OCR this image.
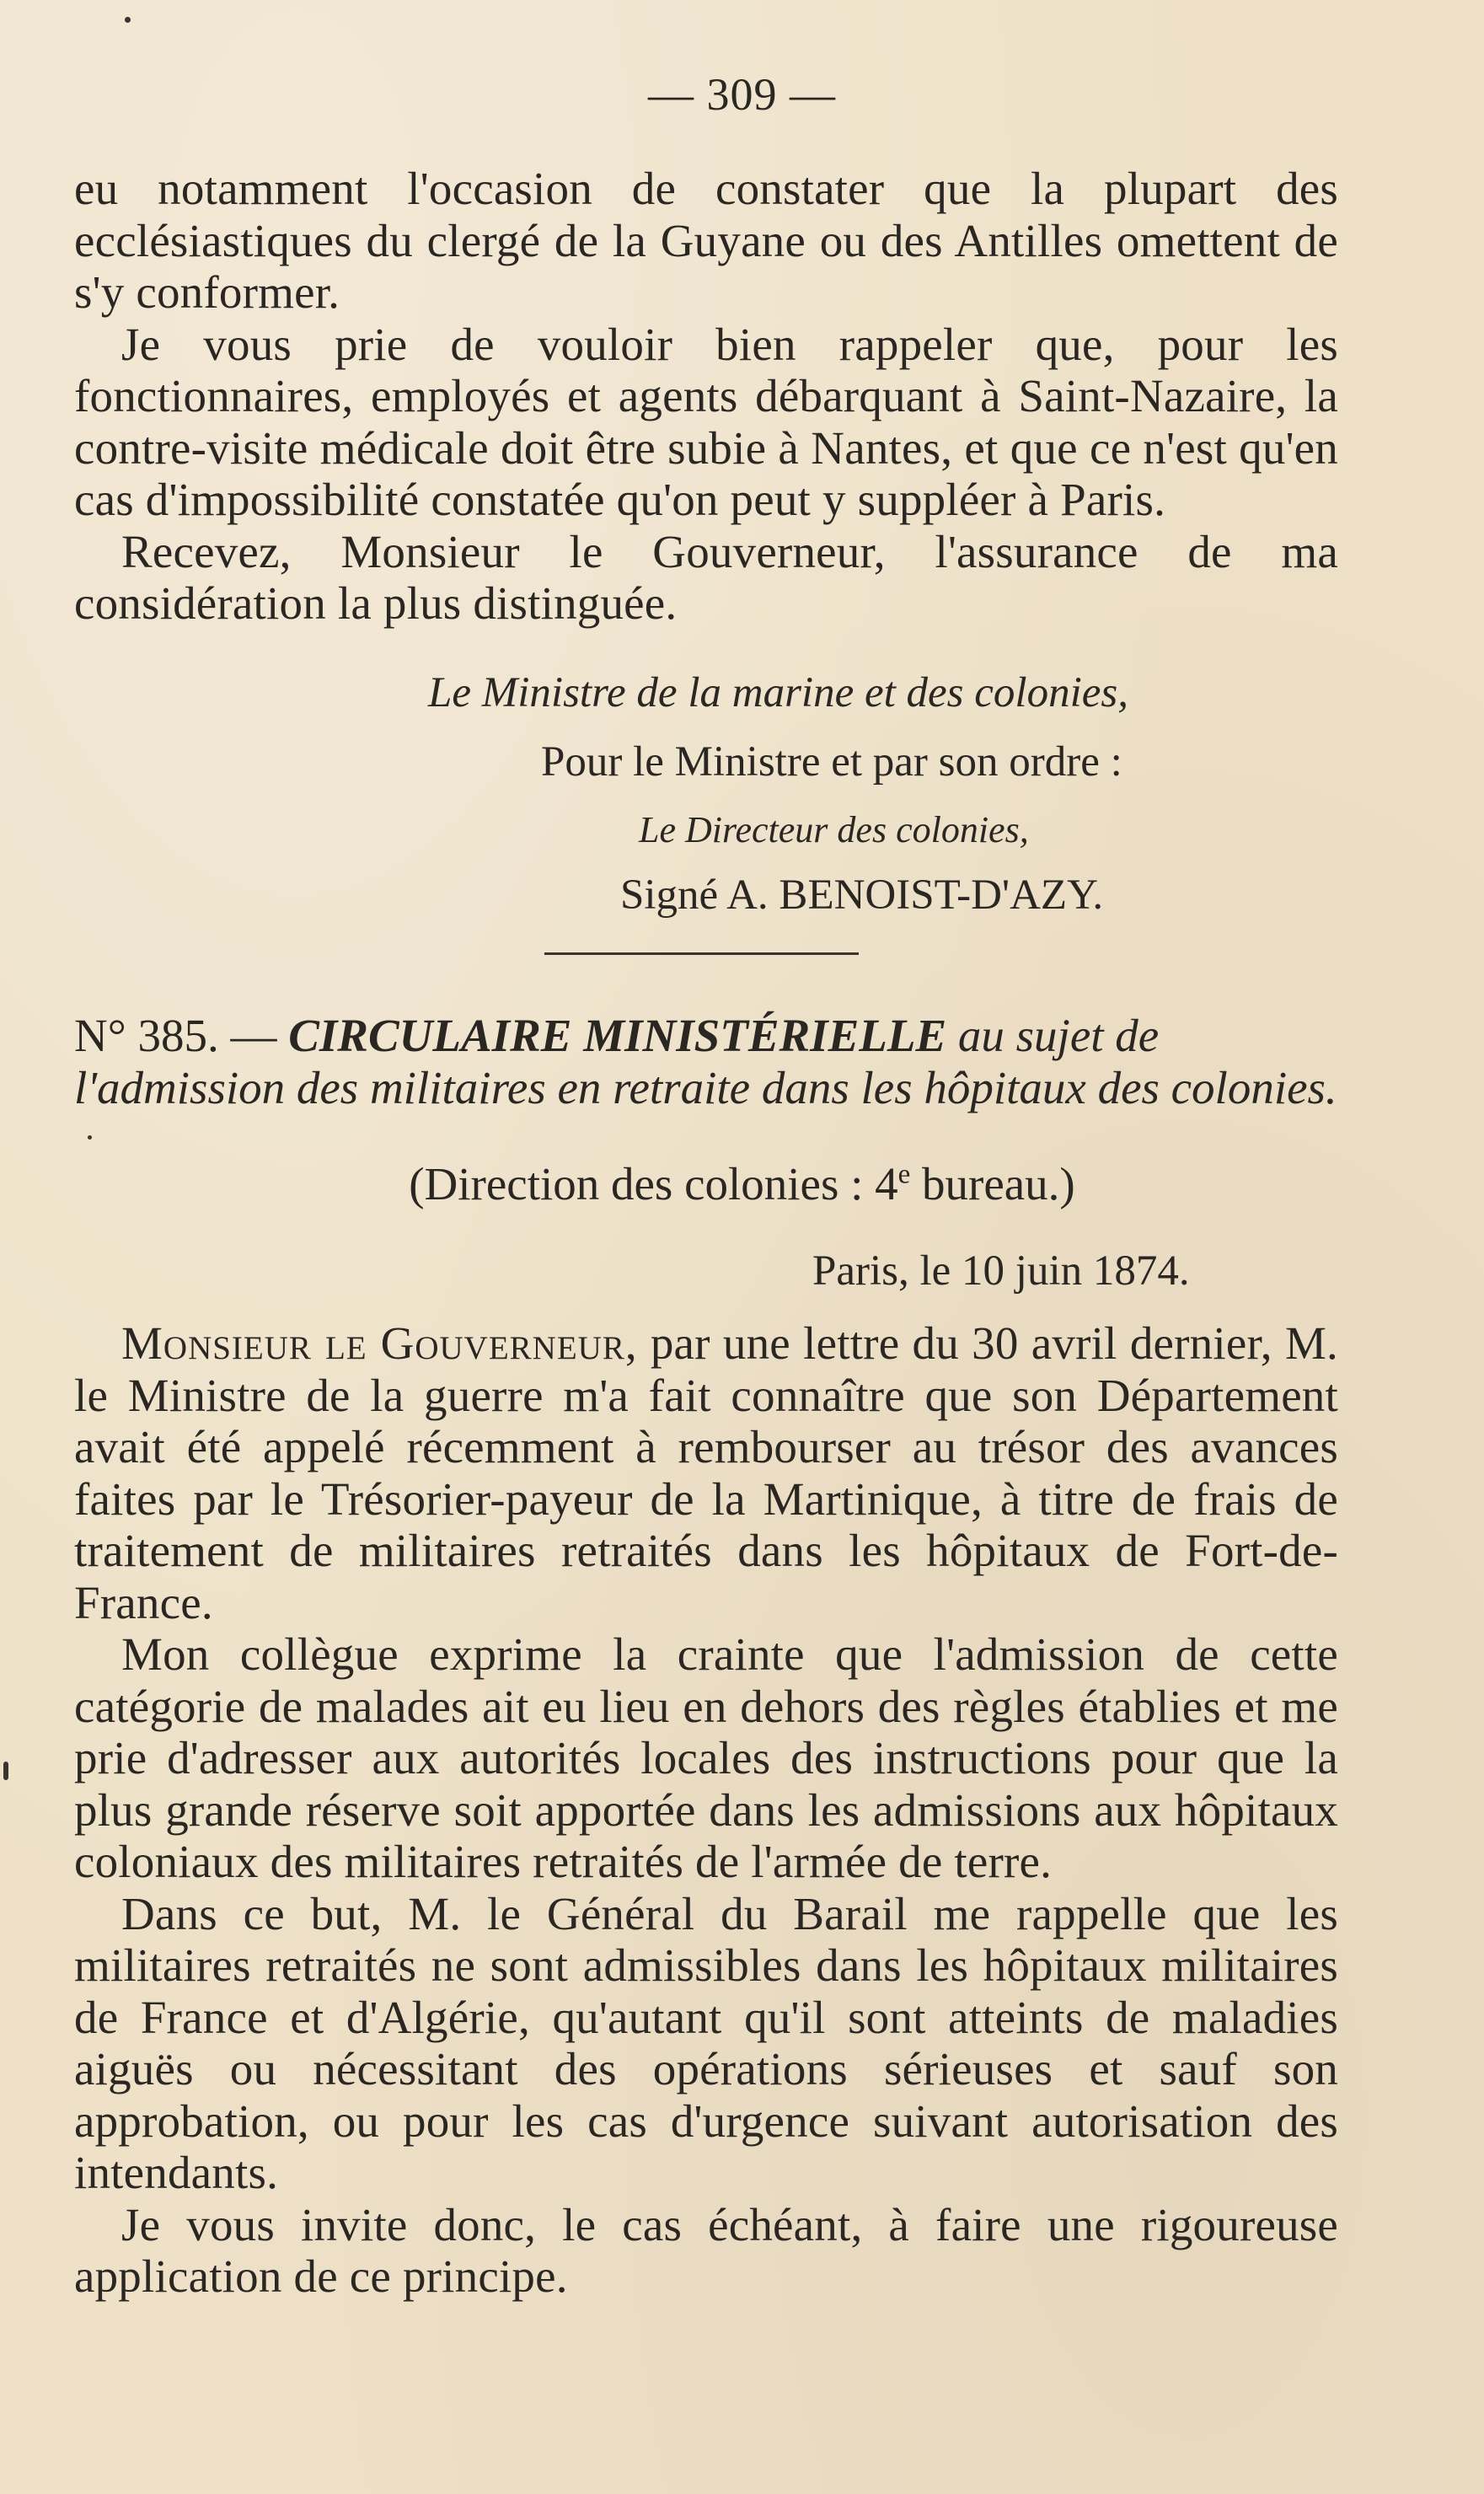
— 309 —

eu notamment l'occasion de constater que la plupart des ecclésiastiques du clergé de la Guyane ou des Antilles omettent de s'y conformer.

Je vous prie de vouloir bien rappeler que, pour les fonctionnaires, employés et agents débarquant à Saint-Nazaire, la contre-visite médicale doit être subie à Nantes, et que ce n'est qu'en cas d'impossibilité constatée qu'on peut y suppléer à Paris.

Recevez, Monsieur le Gouverneur, l'assurance de ma considération la plus distinguée.

Le Ministre de la marine et des colonies,
Pour le Ministre et par son ordre :
Le Directeur des colonies,
Signé A. BENOIST-D'AZY.
N° 385. — CIRCULAIRE MINISTÉRIELLE au sujet de l'admission des militaires en retraite dans les hôpitaux des colonies.
(Direction des colonies : 4e bureau.)
Paris, le 10 juin 1874.

Monsieur le Gouverneur, par une lettre du 30 avril dernier, M. le Ministre de la guerre m'a fait connaître que son Département avait été appelé récemment à rembourser au trésor des avances faites par le Trésorier-payeur de la Martinique, à titre de frais de traitement de militaires retraités dans les hôpitaux de Fort-de-France.

Mon collègue exprime la crainte que l'admission de cette catégorie de malades ait eu lieu en dehors des règles établies et me prie d'adresser aux autorités locales des instructions pour que la plus grande réserve soit apportée dans les admissions aux hôpitaux coloniaux des militaires retraités de l'armée de terre.

Dans ce but, M. le Général du Barail me rappelle que les militaires retraités ne sont admissibles dans les hôpitaux militaires de France et d'Algérie, qu'autant qu'il sont atteints de maladies aiguës ou nécessitant des opérations sérieuses et sauf son approbation, ou pour les cas d'urgence suivant autorisation des intendants.

Je vous invite donc, le cas échéant, à faire une rigoureuse application de ce principe.
